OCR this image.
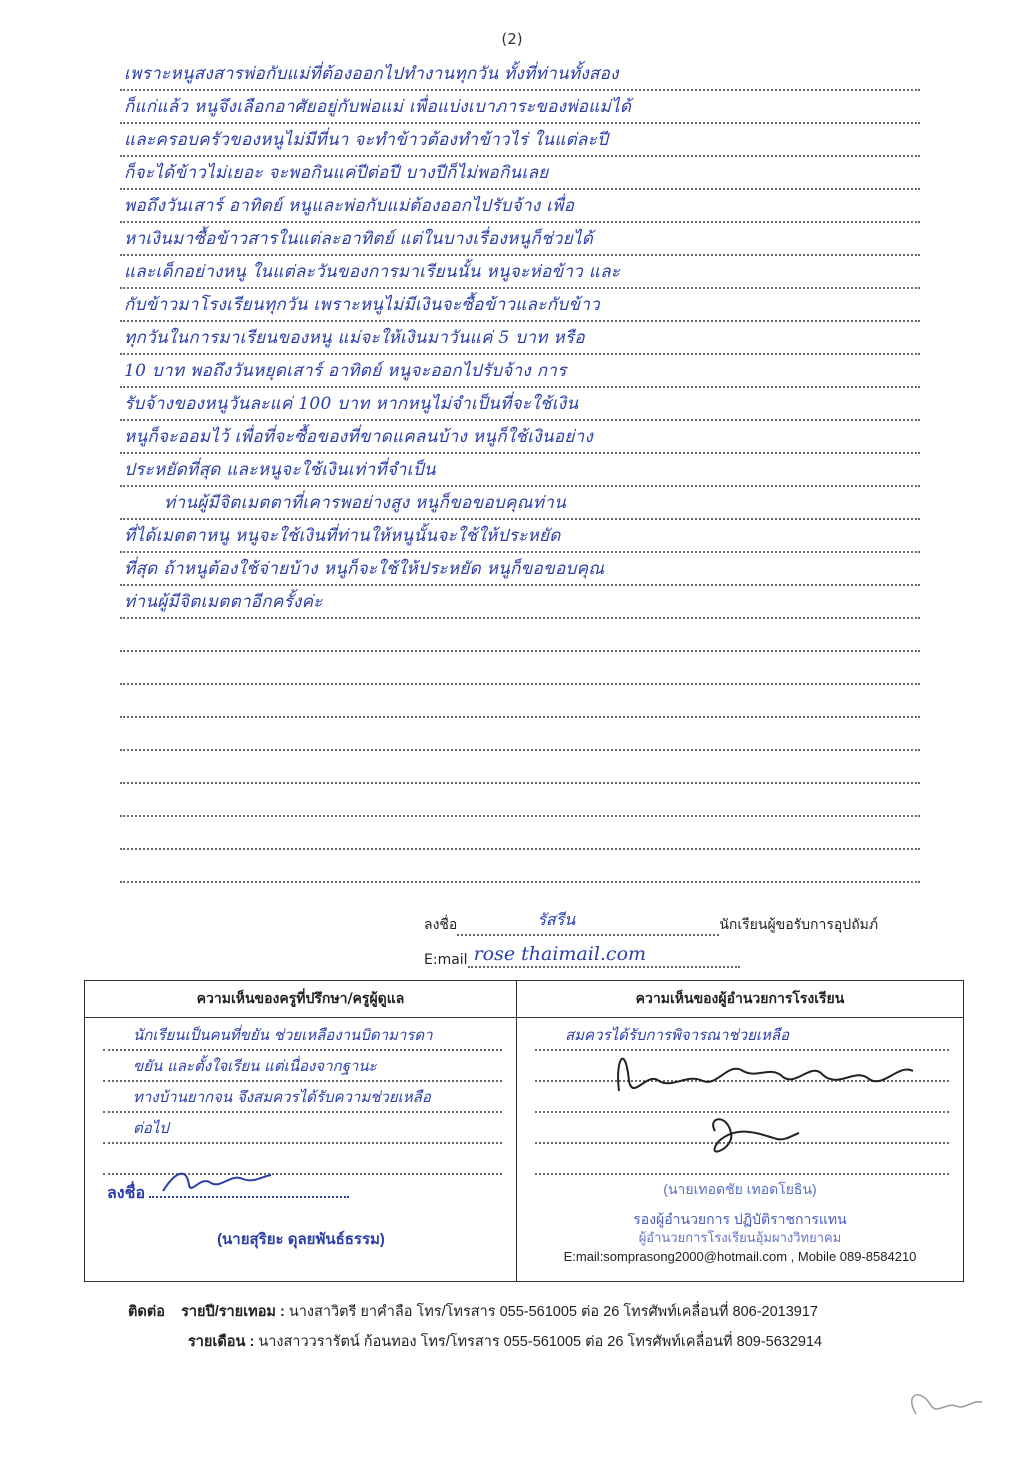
(2)
เพราะหนูสงสารพ่อกับแม่ที่ต้องออกไปทำงานทุกวัน ทั้งที่ท่านทั้งสอง
ก็แก่แล้ว หนูจึงเลือกอาศัยอยู่กับพ่อแม่ เพื่อแบ่งเบาภาระของพ่อแม่ได้
และครอบครัวของหนูไม่มีที่นา จะทำข้าวต้องทำข้าวไร่ ในแต่ละปี
ก็จะได้ข้าวไม่เยอะ จะพอกินแค่ปีต่อปี บางปีก็ไม่พอกินเลย
พอถึงวันเสาร์ อาทิตย์ หนูและพ่อกับแม่ต้องออกไปรับจ้าง เพื่อ
หาเงินมาซื้อข้าวสารในแต่ละอาทิตย์ แต่ในบางเรื่องหนูก็ช่วยได้
และเด็กอย่างหนู ในแต่ละวันของการมาเรียนนั้น หนูจะห่อข้าว และ
กับข้าวมาโรงเรียนทุกวัน เพราะหนูไม่มีเงินจะซื้อข้าวและกับข้าว
ทุกวันในการมาเรียนของหนู แม่จะให้เงินมาวันแค่ 5 บาท หรือ
10 บาท พอถึงวันหยุดเสาร์ อาทิตย์ หนูจะออกไปรับจ้าง การ
รับจ้างของหนูวันละแค่ 100 บาท หากหนูไม่จำเป็นที่จะใช้เงิน
หนูก็จะออมไว้ เพื่อที่จะซื้อของที่ขาดแคลนบ้าง หนูก็ใช้เงินอย่าง
ประหยัดที่สุด และหนูจะใช้เงินเท่าที่จำเป็น
ท่านผู้มีจิตเมตตาที่เคารพอย่างสูง หนูก็ขอขอบคุณท่าน
ที่ได้เมตตาหนู หนูจะใช้เงินที่ท่านให้หนูนั้นจะใช้ให้ประหยัด
ที่สุด ถ้าหนูต้องใช้จ่ายบ้าง หนูก็จะใช้ให้ประหยัด หนูก็ขอขอบคุณ
ท่านผู้มีจิตเมตตาอีกครั้งค่ะ
ลงชื่อ	รัสรีน	นักเรียนผู้ขอรับการอุปถัมภ์
E:mail rose thaimail.com
ความเห็นของครูที่ปรึกษา/ครูผู้ดูแล
นักเรียนเป็นคนที่ขยัน ช่วยเหลืองานบิดามารดา
ขยัน และตั้งใจเรียน แต่เนื่องจากฐานะ
ทางบ้านยากจน จึงสมควรได้รับความช่วยเหลือ
ต่อไป
ลงชื่อ
(นายสุริยะ ดุลยพันธ์ธรรม)
ความเห็นของผู้อำนวยการโรงเรียน
สมควรได้รับการพิจารณาช่วยเหลือ
(นายเทอดชัย เทอดโยธิน)
รองผู้อำนวยการ ปฏิบัติราชการแทน
ผู้อำนวยการโรงเรียนอุ้มผางวิทยาคม
E:mail:somprasong2000@hotmail.com , Mobile 089-8584210
ติดต่อ รายปี/รายเทอม : นางสาวิตรี ยาคำลือ โทร/โทรสาร 055-561005 ต่อ 26 โทรศัพท์เคลื่อนที่ 806-2013917
รายเดือน : นางสาววรารัตน์ ก้อนทอง โทร/โทรสาร 055-561005 ต่อ 26 โทรศัพท์เคลื่อนที่ 809-5632914
